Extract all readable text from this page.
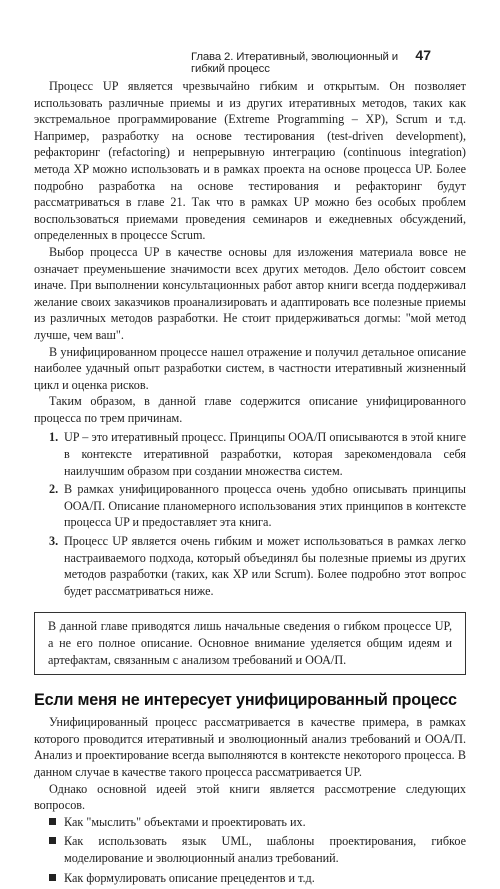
Глава 2. Итеративный, эволюционный и гибкий процесс
47

Процесс UP является чрезвычайно гибким и открытым. Он позволяет использовать различные приемы и из других итеративных методов, таких как экстремальное программирование (Extreme Programming – XP), Scrum и т.д. Например, разработку на основе тестирования (test-driven development), рефакторинг (refactoring) и непрерывную интеграцию (continuous integration) метода XP можно использовать и в рамках проекта на основе процесса UP. Более подробно разработка на основе тестирования и рефакторинг будут рассматриваться в главе 21. Так что в рамках UP можно без особых проблем воспользоваться приемами проведения семинаров и ежедневных обсуждений, определенных в процессе Scrum.

Выбор процесса UP в качестве основы для изложения материала вовсе не означает преуменьшение значимости всех других методов. Дело обстоит совсем иначе. При выполнении консультационных работ автор книги всегда поддерживал желание своих заказчиков проанализировать и адаптировать все полезные приемы из различных методов разработки. Не стоит придерживаться догмы: "мой метод лучше, чем ваш".

В унифицированном процессе нашел отражение и получил детальное описание наиболее удачный опыт разработки систем, в частности итеративный жизненный цикл и оценка рисков.

Таким образом, в данной главе содержится описание унифицированного процесса по трем причинам.

1. UP – это итеративный процесс. Принципы ООА/П описываются в этой книге в контексте итеративной разработки, которая зарекомендовала себя наилучшим образом при создании множества систем.
2. В рамках унифицированного процесса очень удобно описывать принципы ООА/П. Описание планомерного использования этих принципов в контексте процесса UP и предоставляет эта книга.
3. Процесс UP является очень гибким и может использоваться в рамках легко настраиваемого подхода, который объединял бы полезные приемы из других методов разработки (таких, как XP или Scrum). Более подробно этот вопрос будет рассматриваться ниже.
В данной главе приводятся лишь начальные сведения о гибком процессе UP, а не его полное описание. Основное внимание уделяется общим идеям и артефактам, связанным с анализом требований и ООА/П.
Если меня не интересует унифицированный процесс

Унифицированный процесс рассматривается в качестве примера, в рамках которого проводится итеративный и эволюционный анализ требований и ООА/П. Анализ и проектирование всегда выполняются в контексте некоторого процесса. В данном случае в качестве такого процесса рассматривается UP.

Однако основной идеей этой книги является рассмотрение следующих вопросов.

Как "мыслить" объектами и проектировать их.
Как использовать язык UML, шаблоны проектирования, гибкое моделирование и эволюционный анализ требований.
Как формулировать описание прецедентов и т.д.
